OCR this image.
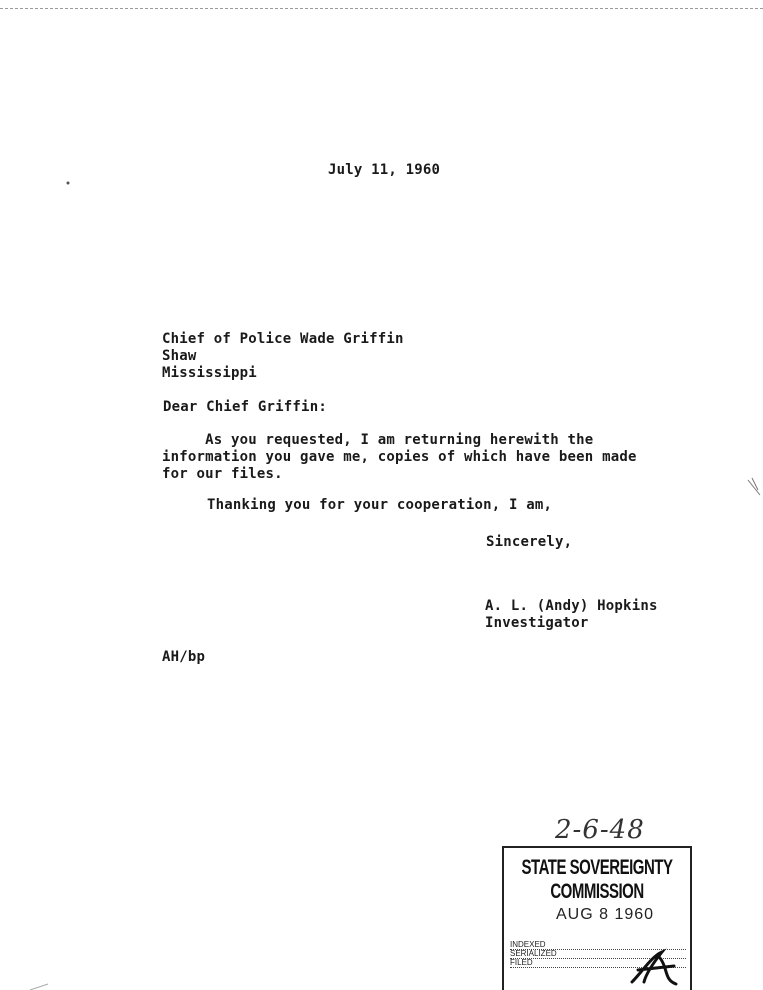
July 11, 1960
Chief of Police Wade Griffin
Shaw
Mississippi
Dear Chief Griffin:
As you requested, I am returning herewith the
information you gave me, copies of which have been made
for our files.
Thanking you for your cooperation, I am,
Sincerely,
A. L. (Andy) Hopkins
Investigator
AH/bp
2-6-48
STATE SOVEREIGNTY COMMISSION
AUG 8 1960
INDEXED
SERIALIZED
FILED
